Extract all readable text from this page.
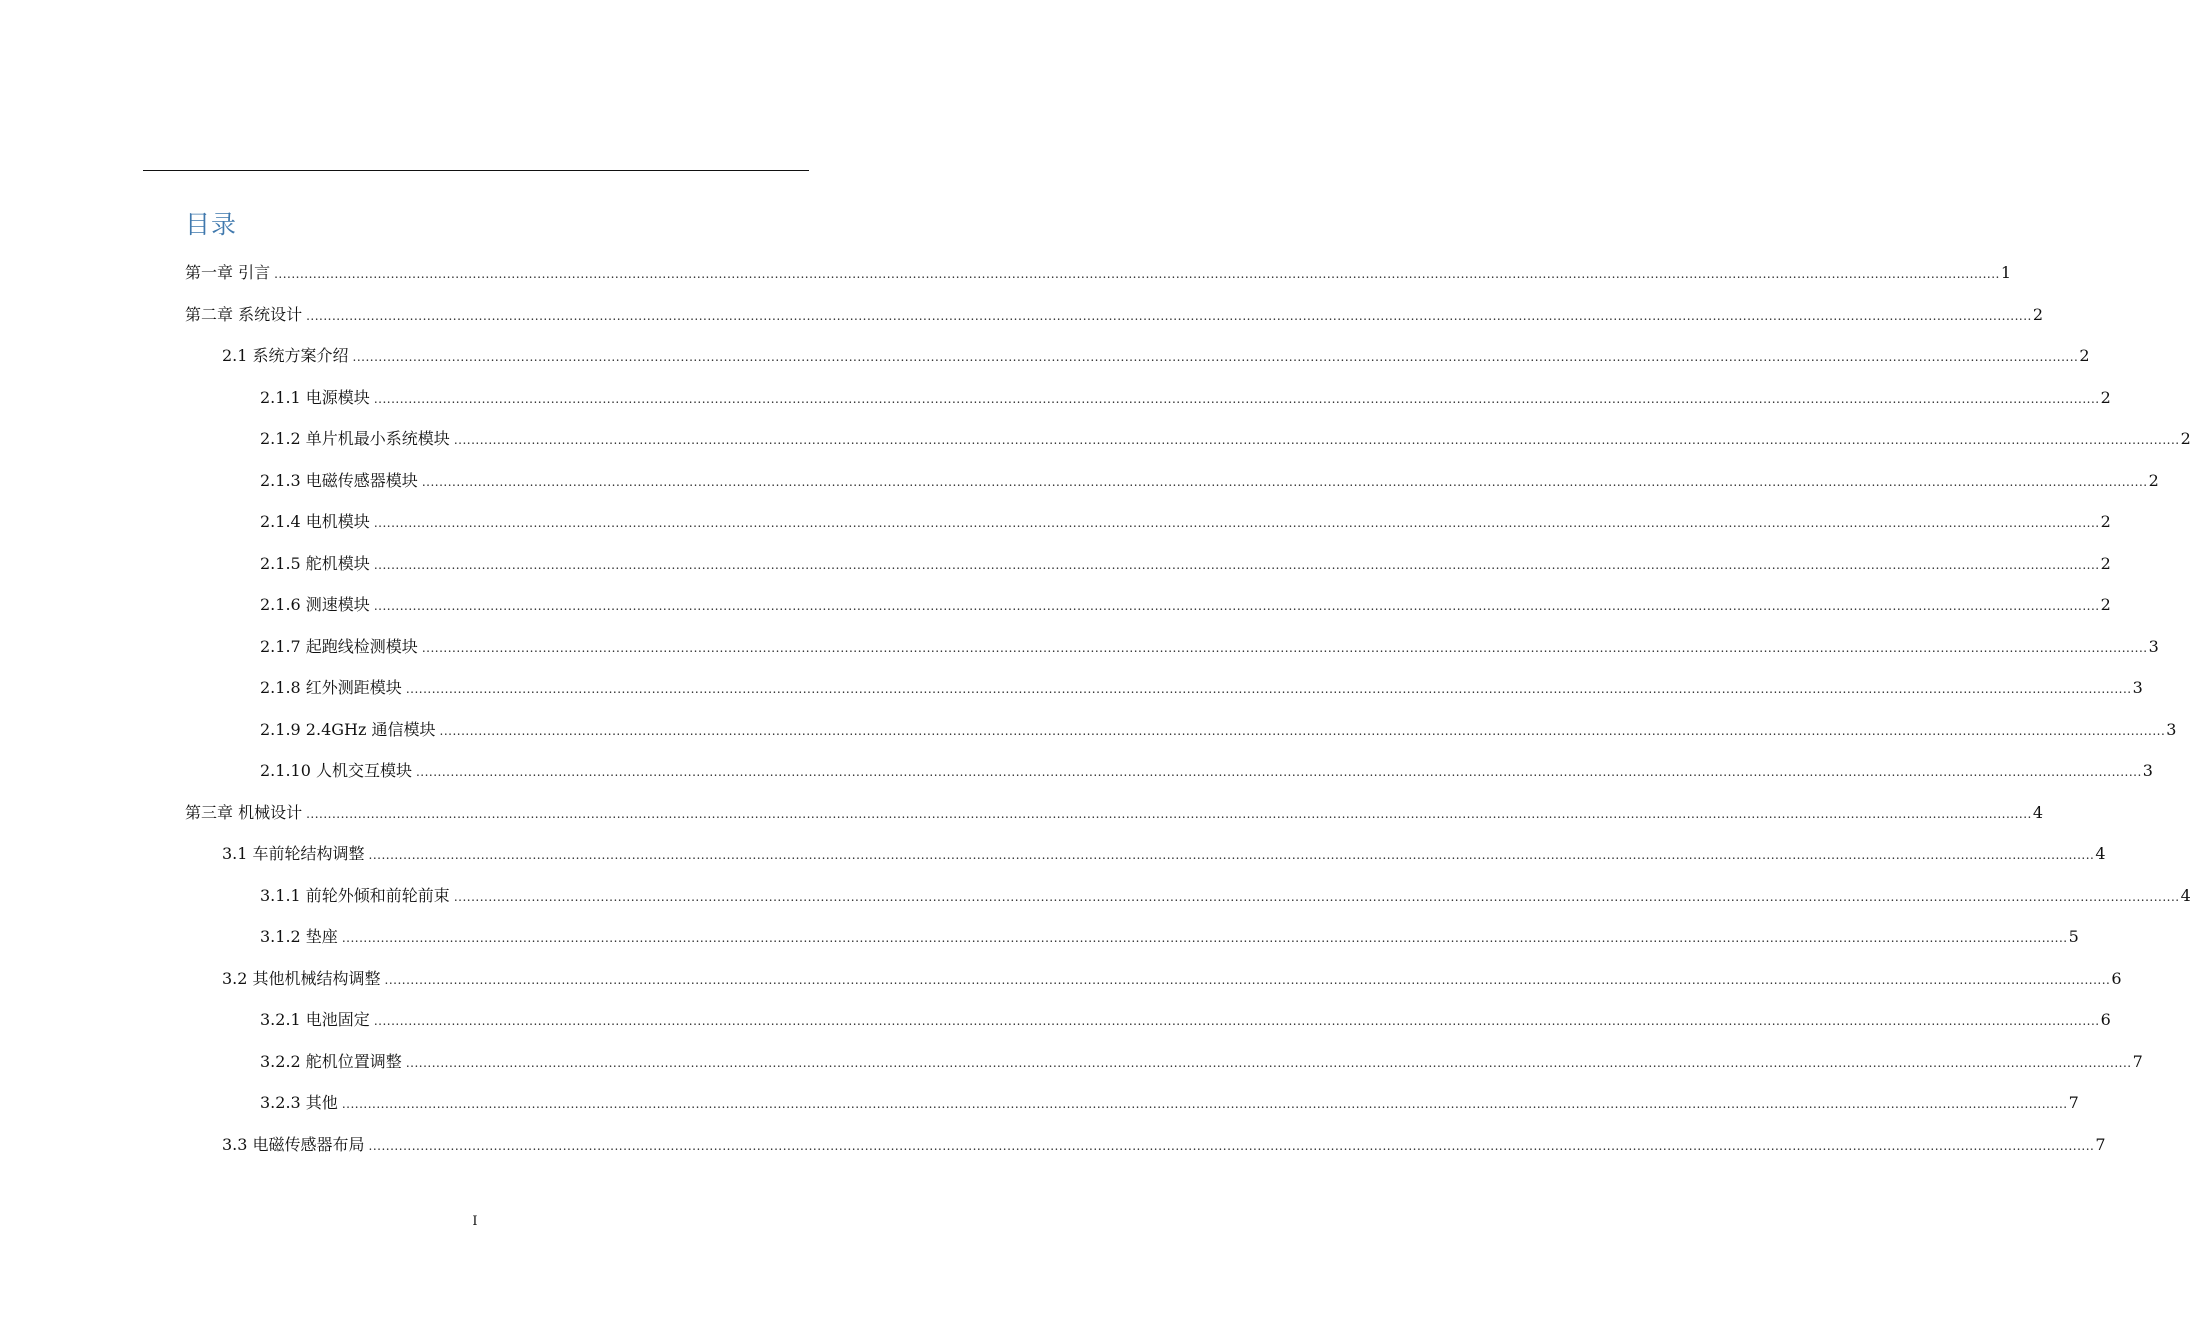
目录
第一章 引言 ................................................................................................................................................................................................................................................................................................................................................................................................................ 1
第二章 系统设计 ................................................................................................................................................................................................................................................................................................................................................................................................................ 2
2.1 系统方案介绍 ................................................................................................................................................................................................................................................................................................................................................................................................................ 2
2.1.1 电源模块 ................................................................................................................................................................................................................................................................................................................................................................................................................ 2
2.1.2 单片机最小系统模块 ................................................................................................................................................................................................................................................................................................................................................................................................................ 2
2.1.3 电磁传感器模块 ................................................................................................................................................................................................................................................................................................................................................................................................................ 2
2.1.4 电机模块 ................................................................................................................................................................................................................................................................................................................................................................................................................ 2
2.1.5 舵机模块 ................................................................................................................................................................................................................................................................................................................................................................................................................ 2
2.1.6 测速模块 ................................................................................................................................................................................................................................................................................................................................................................................................................ 2
2.1.7 起跑线检测模块 ................................................................................................................................................................................................................................................................................................................................................................................................................ 3
2.1.8 红外测距模块 ................................................................................................................................................................................................................................................................................................................................................................................................................ 3
2.1.9 2.4GHz 通信模块 ................................................................................................................................................................................................................................................................................................................................................................................................................ 3
2.1.10 人机交互模块 ................................................................................................................................................................................................................................................................................................................................................................................................................ 3
第三章 机械设计 ................................................................................................................................................................................................................................................................................................................................................................................................................ 4
3.1 车前轮结构调整 ................................................................................................................................................................................................................................................................................................................................................................................................................ 4
3.1.1 前轮外倾和前轮前束 ................................................................................................................................................................................................................................................................................................................................................................................................................ 4
3.1.2 垫座 ................................................................................................................................................................................................................................................................................................................................................................................................................ 5
3.2 其他机械结构调整 ................................................................................................................................................................................................................................................................................................................................................................................................................ 6
3.2.1 电池固定 ................................................................................................................................................................................................................................................................................................................................................................................................................ 6
3.2.2 舵机位置调整 ................................................................................................................................................................................................................................................................................................................................................................................................................ 7
3.2.3 其他 ................................................................................................................................................................................................................................................................................................................................................................................................................ 7
3.3 电磁传感器布局 ................................................................................................................................................................................................................................................................................................................................................................................................................ 7
I
